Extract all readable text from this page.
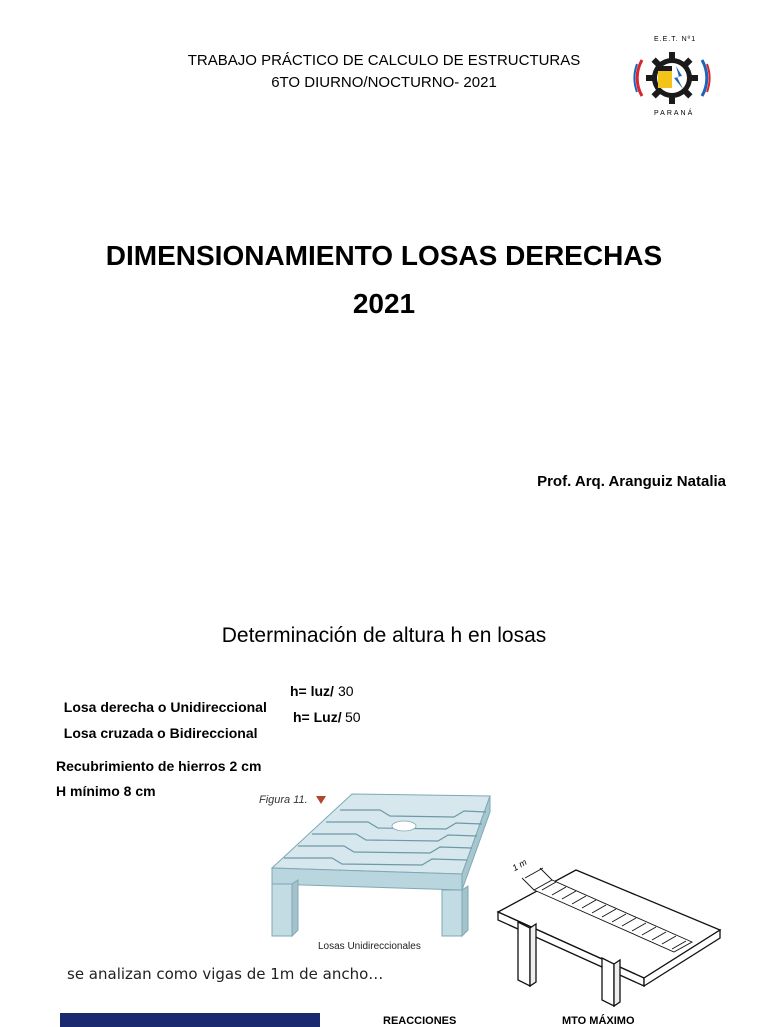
TRABAJO PRÁCTICO DE CALCULO DE ESTRUCTURAS
6TO DIURNO/NOCTURNO- 2021
E.E.T. Nº1
PARANÁ
DIMENSIONAMIENTO LOSAS DERECHAS
2021
Prof. Arq. Aranguiz Natalia
Determinación de altura h en losas

Losa derecha o Unidireccional
h= luz/ 30

Losa cruzada o Bidireccional
h= Luz/ 50

Recubrimiento de hierros 2 cm
H mínimo 8 cm
Figura 11.
Losas Unidireccionales
1 m
se analizan como vigas de 1m de ancho…
REACCIONES	MTO MÁXIMO
